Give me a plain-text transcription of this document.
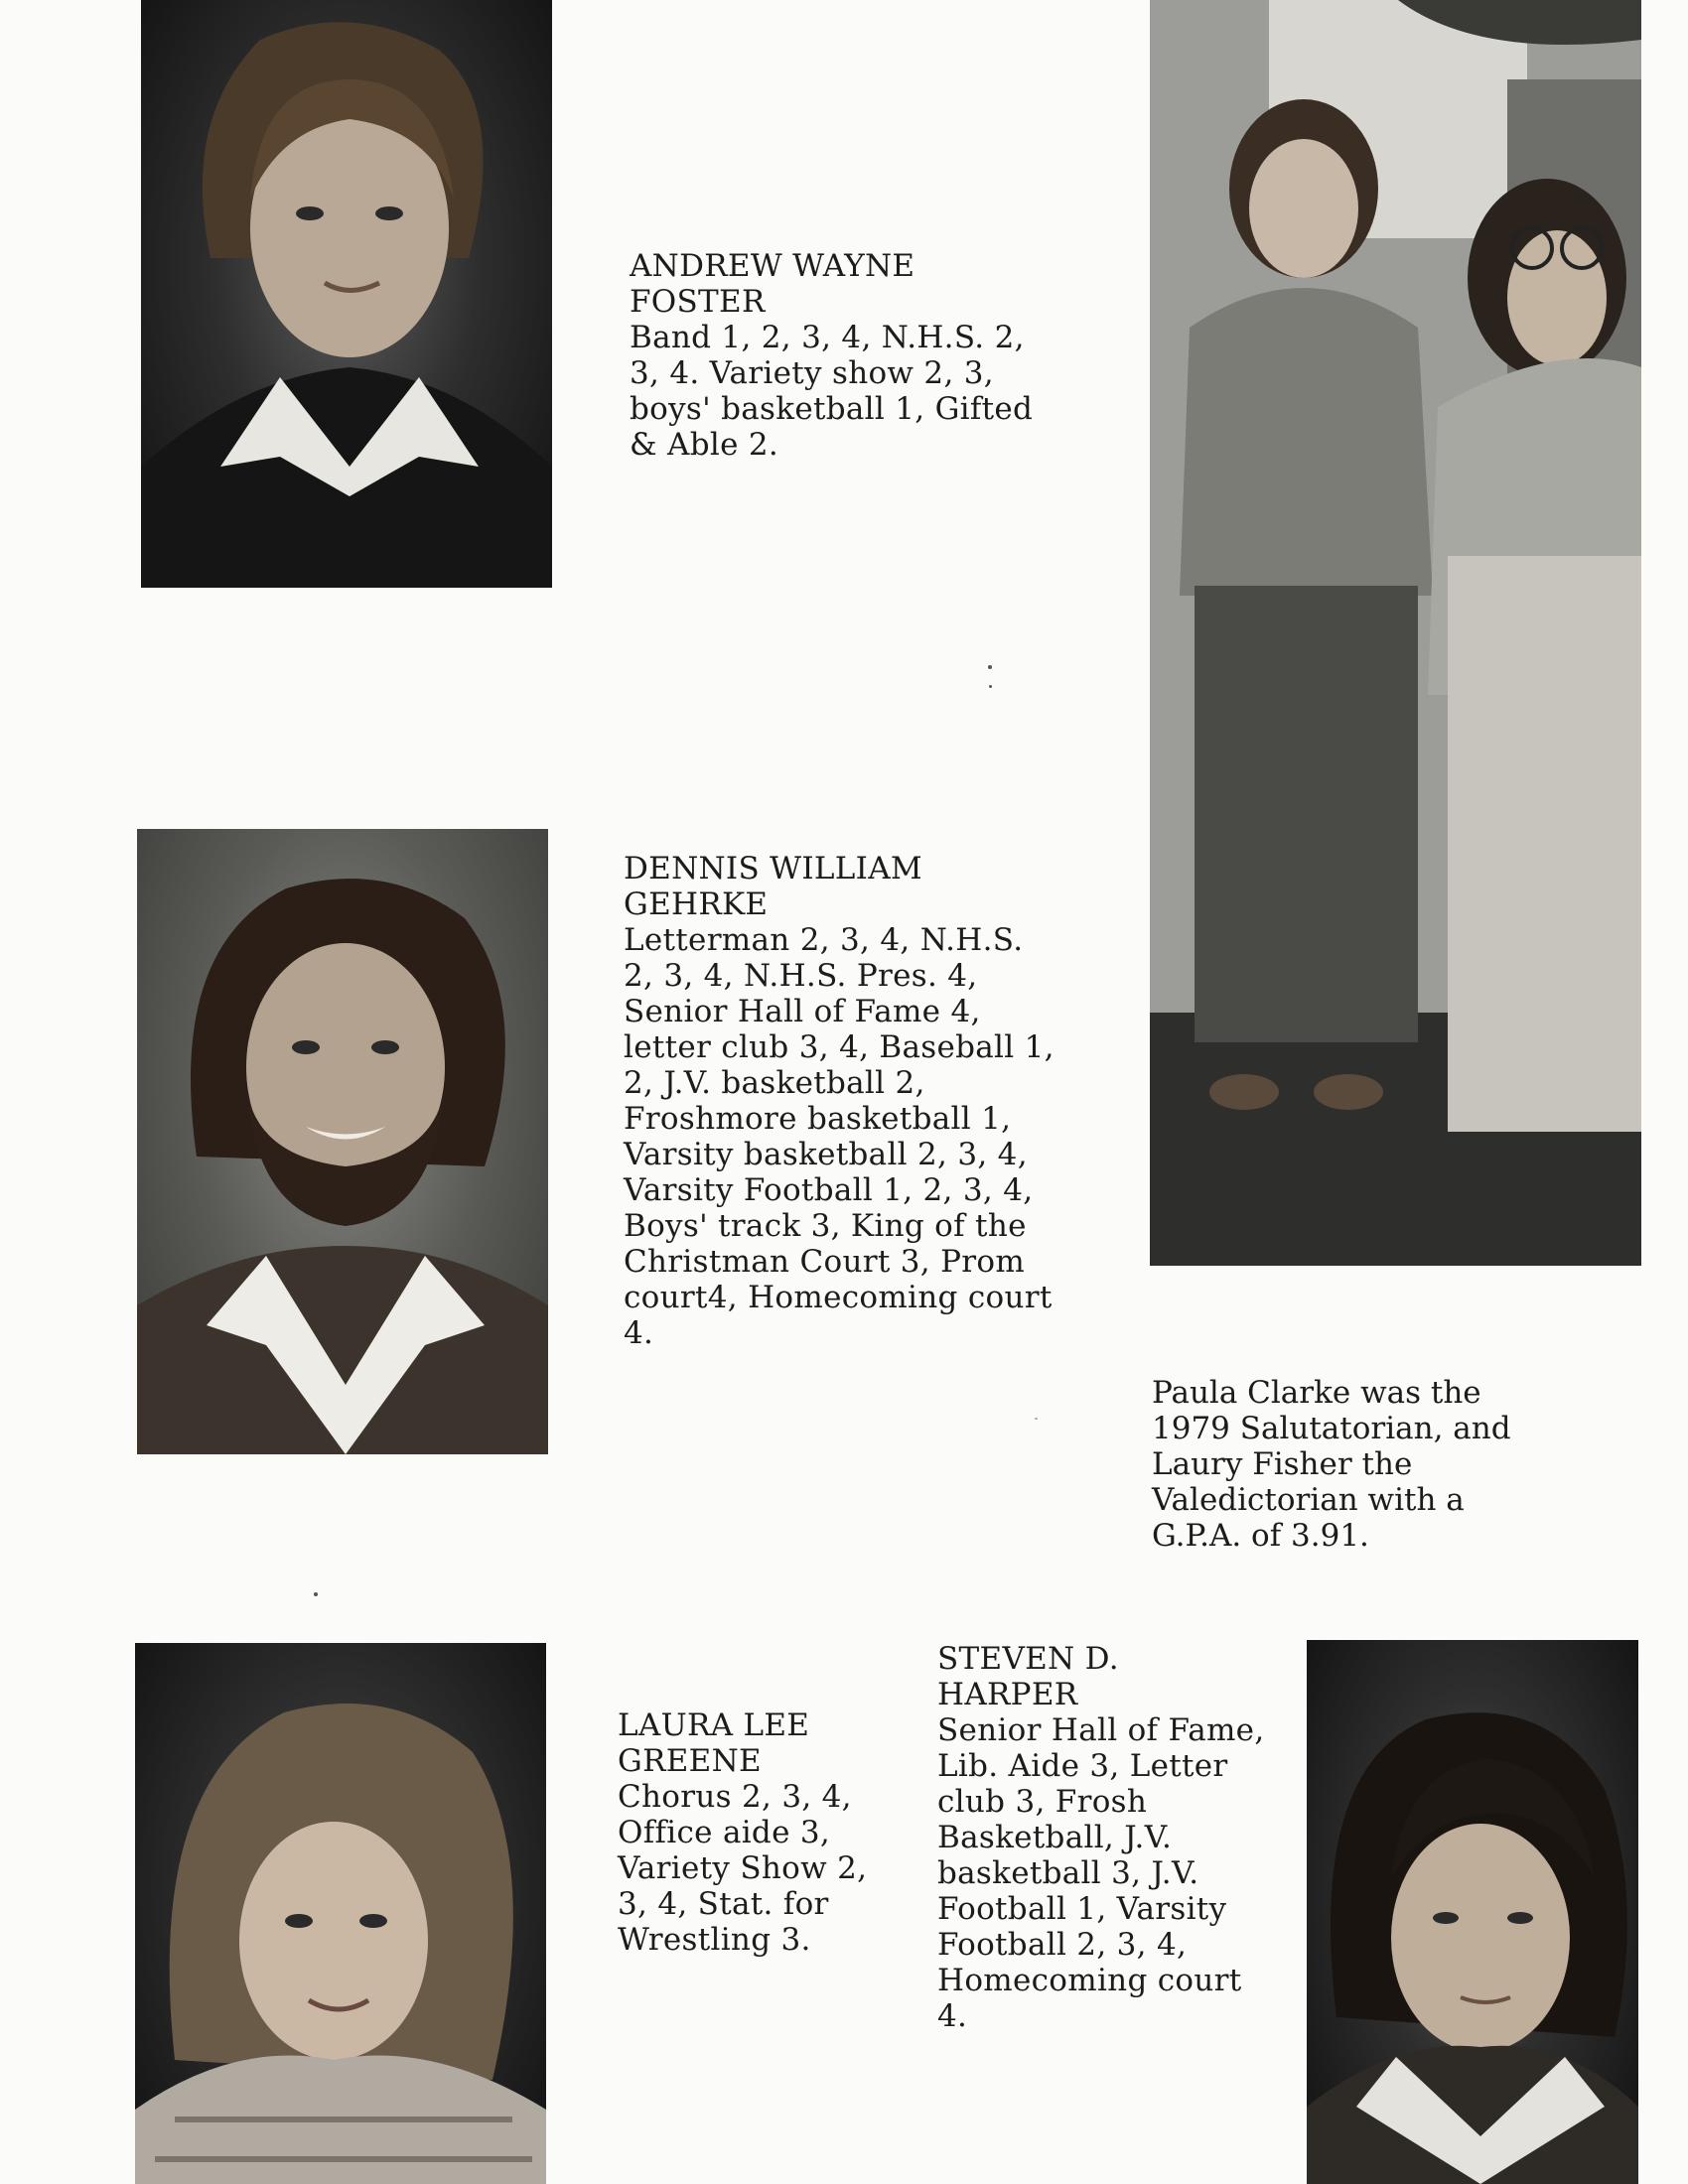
ANDREW WAYNE
FOSTER
Band 1, 2, 3, 4, N.H.S. 2, 3, 4. Variety show 2, 3, boys' basketball 1, Gifted & Able 2.
DENNIS WILLIAM
GEHRKE
Letterman 2, 3, 4, N.H.S. 2, 3, 4, N.H.S. Pres. 4, Senior Hall of Fame 4, letter club 3, 4, Baseball 1, 2, J.V. basketball 2, Froshmore basketball 1, Varsity basketball 2, 3, 4, Varsity Football 1, 2, 3, 4, Boys' track 3, King of the Christman Court 3, Prom court4, Homecoming court 4.
Paula Clarke was the 1979 Salutatorian, and Laury Fisher the Valedictorian with a G.P.A. of 3.91.
LAURA LEE
GREENE
Chorus 2, 3, 4, Office aide 3, Variety Show 2, 3, 4, Stat. for Wrestling 3.
STEVEN D.
HARPER
Senior Hall of Fame, Lib. Aide 3, Letter club 3, Frosh Basketball, J.V. basketball 3, J.V. Football 1, Varsity Football 2, 3, 4, Homecoming court 4.
